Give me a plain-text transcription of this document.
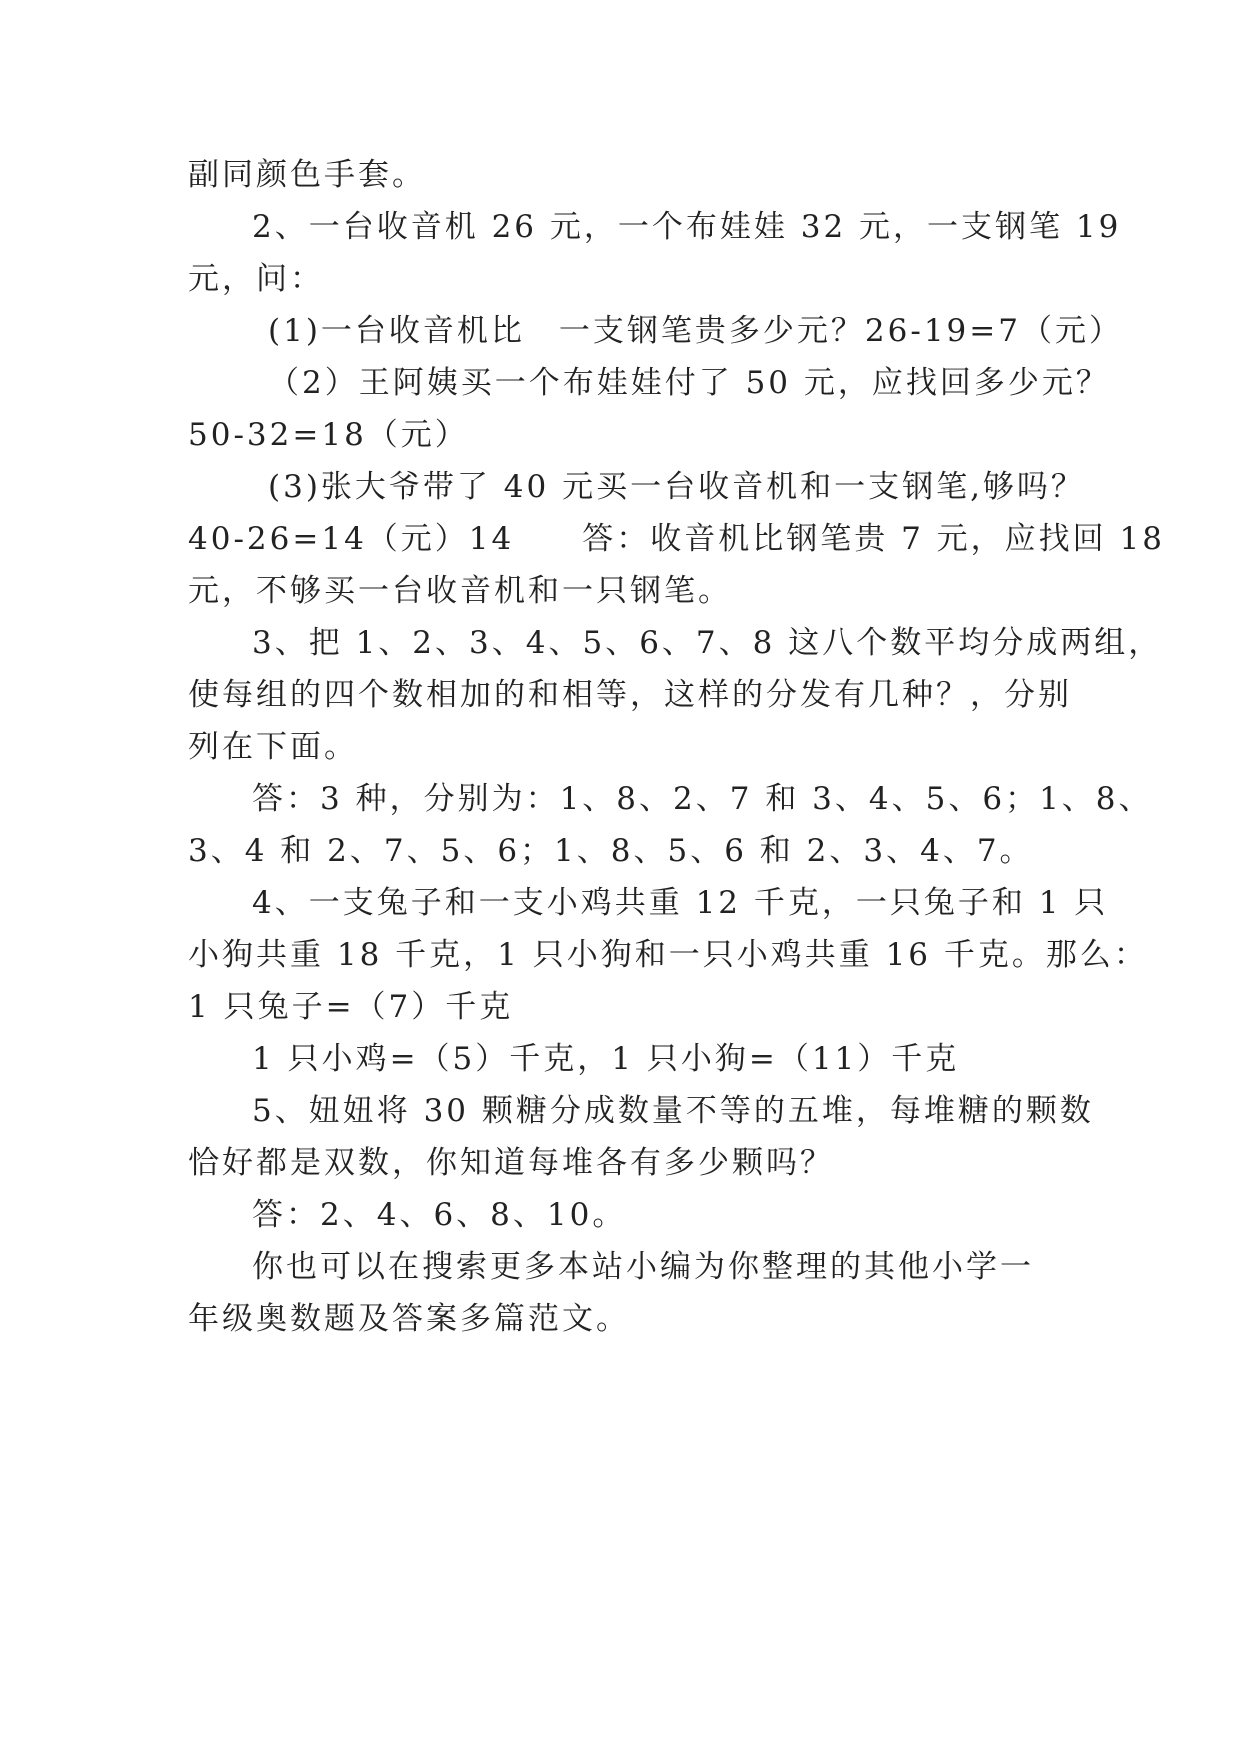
副同颜色手套。
2、一台收音机 26 元，一个布娃娃 32 元，一支钢笔 19
元，问：
(1)一台收音机比　一支钢笔贵多少元？26-19=7（元）
（2）王阿姨买一个布娃娃付了 50 元，应找回多少元？
50-32=18（元）
(3)张大爷带了 40 元买一台收音机和一支钢笔,够吗？
40-26=14（元）14　　答：收音机比钢笔贵 7 元，应找回 18
元，不够买一台收音机和一只钢笔。
3、把 1、2、3、4、5、6、7、8 这八个数平均分成两组，
使每组的四个数相加的和相等，这样的分发有几种？，分别
列在下面。
答：3 种，分别为：1、8、2、7 和 3、4、5、6；1、8、
3、4 和 2、7、5、6；1、8、5、6 和 2、3、4、7。
4、一支兔子和一支小鸡共重 12 千克，一只兔子和 1 只
小狗共重 18 千克，1 只小狗和一只小鸡共重 16 千克。那么：
1 只兔子=（7）千克
1 只小鸡=（5）千克，1 只小狗=（11）千克
5、妞妞将 30 颗糖分成数量不等的五堆，每堆糖的颗数
恰好都是双数，你知道每堆各有多少颗吗？
答：2、4、6、8、10。
你也可以在搜索更多本站小编为你整理的其他小学一
年级奥数题及答案多篇范文。
